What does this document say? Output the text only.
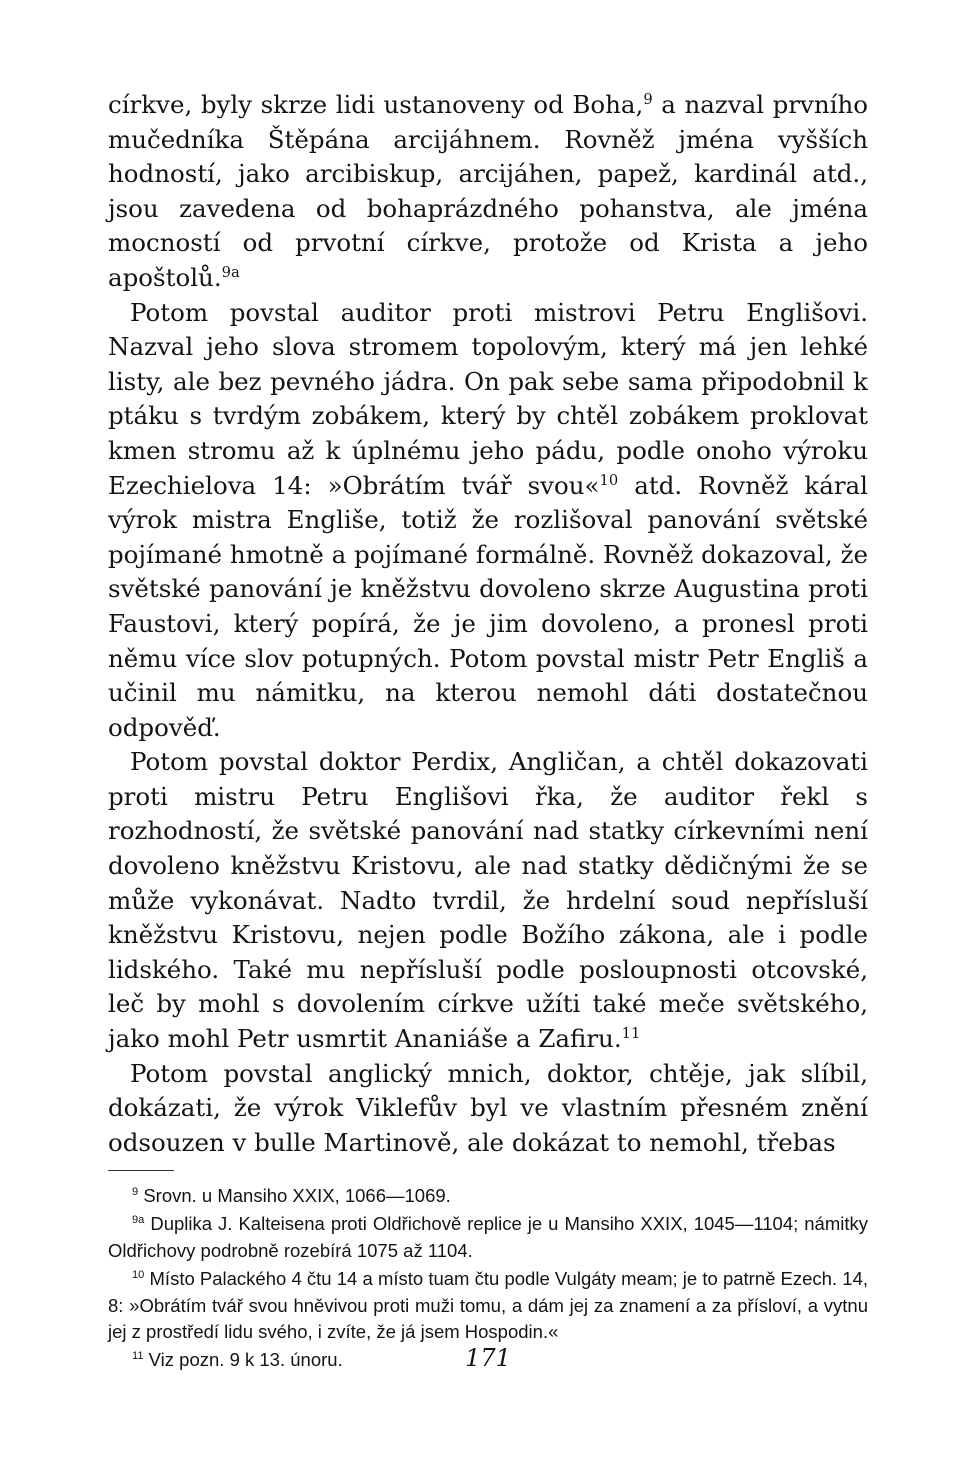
církve, byly skrze lidi ustanoveny od Boha,$^9$ a nazval prvního mučedníka Štěpána arcijáhnem. Rovněž jména vyšších hodností, jako arcibiskup, arcijáhen, papež, kardinál atd., jsou zavedena od bohaprázdného pohanstva, ale jména mocností od prvotní církve, protože od Krista a jeho apoštolů.$^{9a}$

Potom povstal auditor proti mistrovi Petru Englišovi. Nazval jeho slova stromem topolovým, který má jen lehké listy, ale bez pevného jádra. On pak sebe sama připodobnil k ptáku s tvrdým zobákem, který by chtěl zobákem proklovat kmen stromu až k úplnému jeho pádu, podle onoho výroku Ezechielova 14: »Obrátím tvář svou«$^{10}$ atd. Rovněž káral výrok mistra Engliše, totiž že rozlišoval panování světské pojímané hmotně a pojímané formálně. Rovněž dokazoval, že světské panování je kněžstvu dovoleno skrze Augustina proti Faustovi, který popírá, že je jim dovoleno, a pronesl proti němu více slov potupných. Potom povstal mistr Petr Engliš a učinil mu námitku, na kterou nemohl dáti dostatečnou odpověď.

Potom povstal doktor Perdix, Angličan, a chtěl dokazovati proti mistru Petru Englišovi řka, že auditor řekl s rozhodností, že světské panování nad statky církevními není dovoleno kněžstvu Kristovu, ale nad statky dědičnými že se může vykonávat. Nadto tvrdil, že hrdelní soud nepřísluší kněžstvu Kristovu, nejen podle Božího zákona, ale i podle lidského. Také mu nepřísluší podle posloupnosti otcovské, leč by mohl s dovolením církve užíti také meče světského, jako mohl Petr usmrtit Ananiáše a Zafiru.$^{11}$

Potom povstal anglický mnich, doktor, chtěje, jak slíbil, dokázati, že výrok Viklefův byl ve vlastním přesném znění odsouzen v bulle Martinově, ale dokázat to nemohl, třebas

$^9$ Srovn. u Mansiho XXIX, 1066—1069.

$^{9a}$ Duplika J. Kalteisena proti Oldřichově replice je u Mansiho XXIX, 1045—1104; námitky Oldřichovy podrobně rozebírá 1075 až 1104.

$^{10}$ Místo Palackého 4 čtu 14 a místo tuam čtu podle Vulgáty meam; je to patrně Ezech. 14, 8: »Obrátím tvář svou hněvivou proti muži tomu, a dám jej za znamení a za přísloví, a vytnu jej z prostředí lidu svého, i zvíte, že já jsem Hospodin.«

$^{11}$ Viz pozn. 9 k 13. únoru.	171
